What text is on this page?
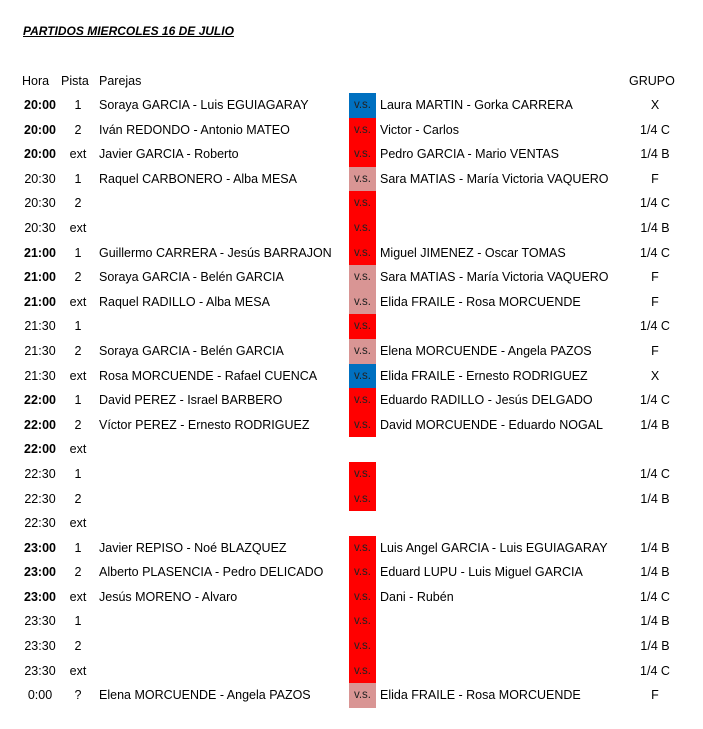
PARTIDOS MIERCOLES 16 DE JULIO
Hora Pista Parejas	GRUPO
20:00	1	Soraya GARCIA - Luis EGUIAGARAY	v.s. Laura MARTIN - Gorka CARRERA	X
20:00	2	Iván REDONDO - Antonio MATEO	v.s. Victor - Carlos	1/4 C
20:00	ext	Javier GARCIA - Roberto	v.s. Pedro GARCIA - Mario VENTAS	1/4 B
20:30	1	Raquel CARBONERO - Alba MESA	v.s. Sara MATIAS - María Victoria VAQUERO	F
20:30	2	v.s.	1/4 C
20:30	ext	v.s.	1/4 B
21:00	1	Guillermo CARRERA - Jesús BARRAJON	v.s. Miguel JIMENEZ - Oscar TOMAS	1/4 C
21:00	2	Soraya GARCIA - Belén GARCIA	v.s. Sara MATIAS - María Victoria VAQUERO	F
21:00	ext	Raquel RADILLO - Alba MESA	v.s. Elida FRAILE - Rosa MORCUENDE	F
21:30	1	v.s.	1/4 C
21:30	2	Soraya GARCIA - Belén GARCIA	v.s. Elena MORCUENDE - Angela PAZOS	F
21:30	ext	Rosa MORCUENDE - Rafael CUENCA	v.s. Elida FRAILE - Ernesto RODRIGUEZ	X
22:00	1	David PEREZ - Israel BARBERO	v.s. Eduardo RADILLO - Jesús DELGADO	1/4 C
22:00	2	Víctor PEREZ - Ernesto RODRIGUEZ	v.s. David MORCUENDE - Eduardo NOGAL	1/4 B
22:00	ext
22:30	1	v.s.	1/4 C
22:30	2	v.s.	1/4 B
22:30	ext
23:00	1	Javier REPISO - Noé BLAZQUEZ	v.s. Luis Angel GARCIA - Luis EGUIAGARAY	1/4 B
23:00	2	Alberto PLASENCIA - Pedro DELICADO	v.s. Eduard LUPU - Luis Miguel GARCIA	1/4 B
23:00	ext	Jesús MORENO - Alvaro	v.s. Dani - Rubén	1/4 C
23:30	1	v.s.	1/4 B
23:30	2	v.s.	1/4 B
23:30	ext	v.s.	1/4 C
0:00	?	Elena MORCUENDE - Angela PAZOS	v.s. Elida FRAILE - Rosa MORCUENDE	F
